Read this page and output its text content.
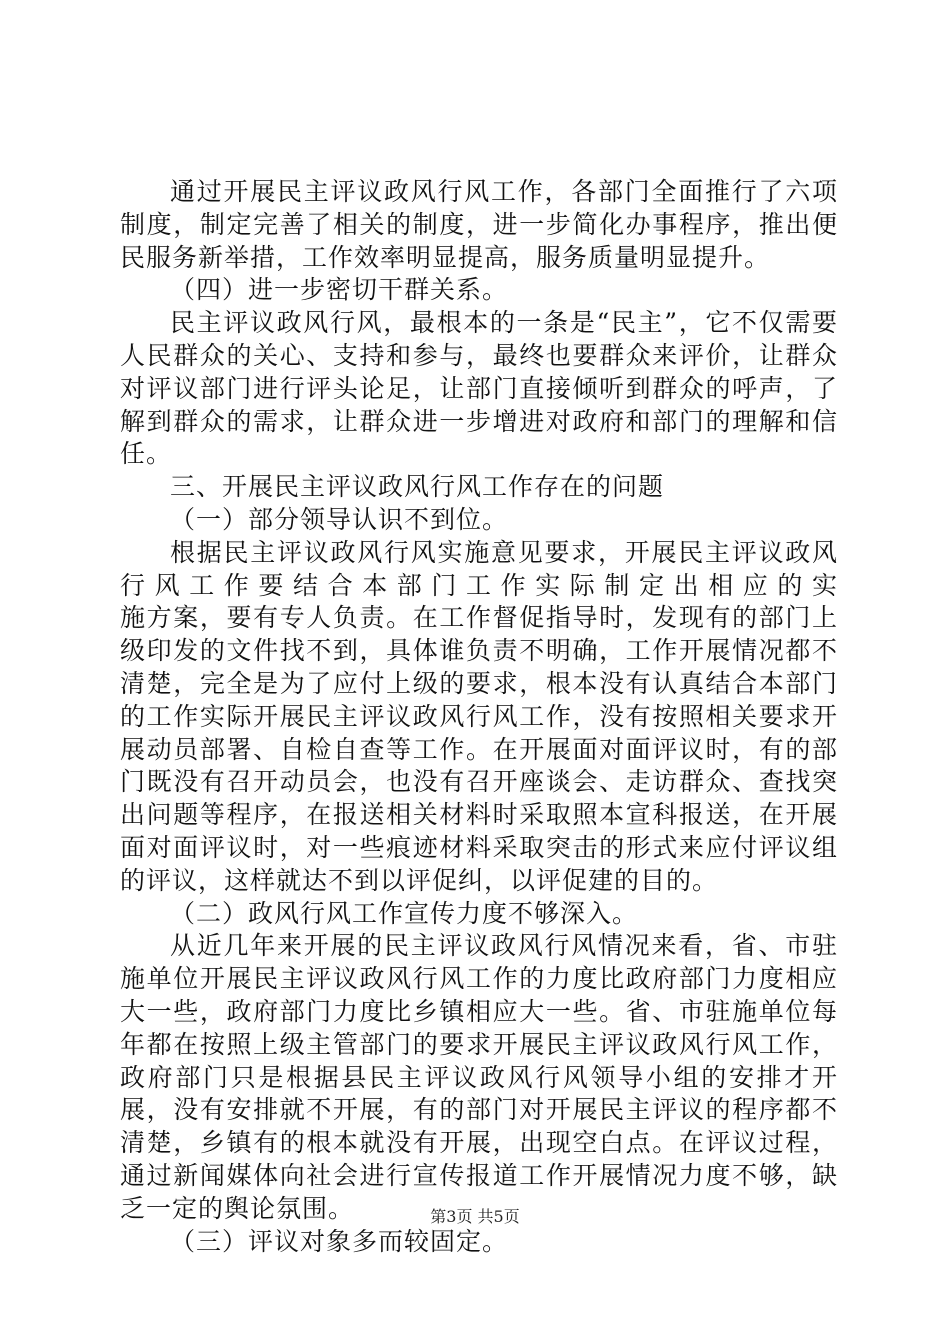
通过开展民主评议政风行风工作，各部门全面推行了六项制度，制定完善了相关的制度，进一步简化办事程序，推出便民服务新举措，工作效率明显提高，服务质量明显提升。

（四）进一步密切干群关系。

民主评议政风行风，最根本的一条是“民主”，它不仅需要人民群众的关心、支持和参与，最终也要群众来评价，让群众对评议部门进行评头论足，让部门直接倾听到群众的呼声，了解到群众的需求，让群众进一步增进对政府和部门的理解和信任。

三、开展民主评议政风行风工作存在的问题

（一）部分领导认识不到位。

根据民主评议政风行风实施意见要求，开展民主评议政风行风工作要结合本部门工作实际制定出相应的实

施方案，要有专人负责。在工作督促指导时，发现有的部门上级印发的文件找不到，具体谁负责不明确，工作开展情况都不清楚，完全是为了应付上级的要求，根本没有认真结合本部门的工作实际开展民主评议政风行风工作，没有按照相关要求开展动员部署、自检自查等工作。在开展面对面评议时，有的部门既没有召开动员会，也没有召开座谈会、走访群众、查找突出问题等程序，在报送相关材料时采取照本宣科报送，在开展面对面评议时，对一些痕迹材料采取突击的形式来应付评议组的评议，这样就达不到以评促纠，以评促建的目的。

（二）政风行风工作宣传力度不够深入。

从近几年来开展的民主评议政风行风情况来看，省、市驻施单位开展民主评议政风行风工作的力度比政府部门力度相应大一些，政府部门力度比乡镇相应大一些。省、市驻施单位每年都在按照上级主管部门的要求开展民主评议政风行风工作，政府部门只是根据县民主评议政风行风领导小组的安排才开展，没有安排就不开展，有的部门对开展民主评议的程序都不清楚，乡镇有的根本就没有开展，出现空白点。在评议过程，通过新闻媒体向社会进行宣传报道工作开展情况力度不够，缺乏一定的舆论氛围。

（三）评议对象多而较固定。

第3页 共5页
